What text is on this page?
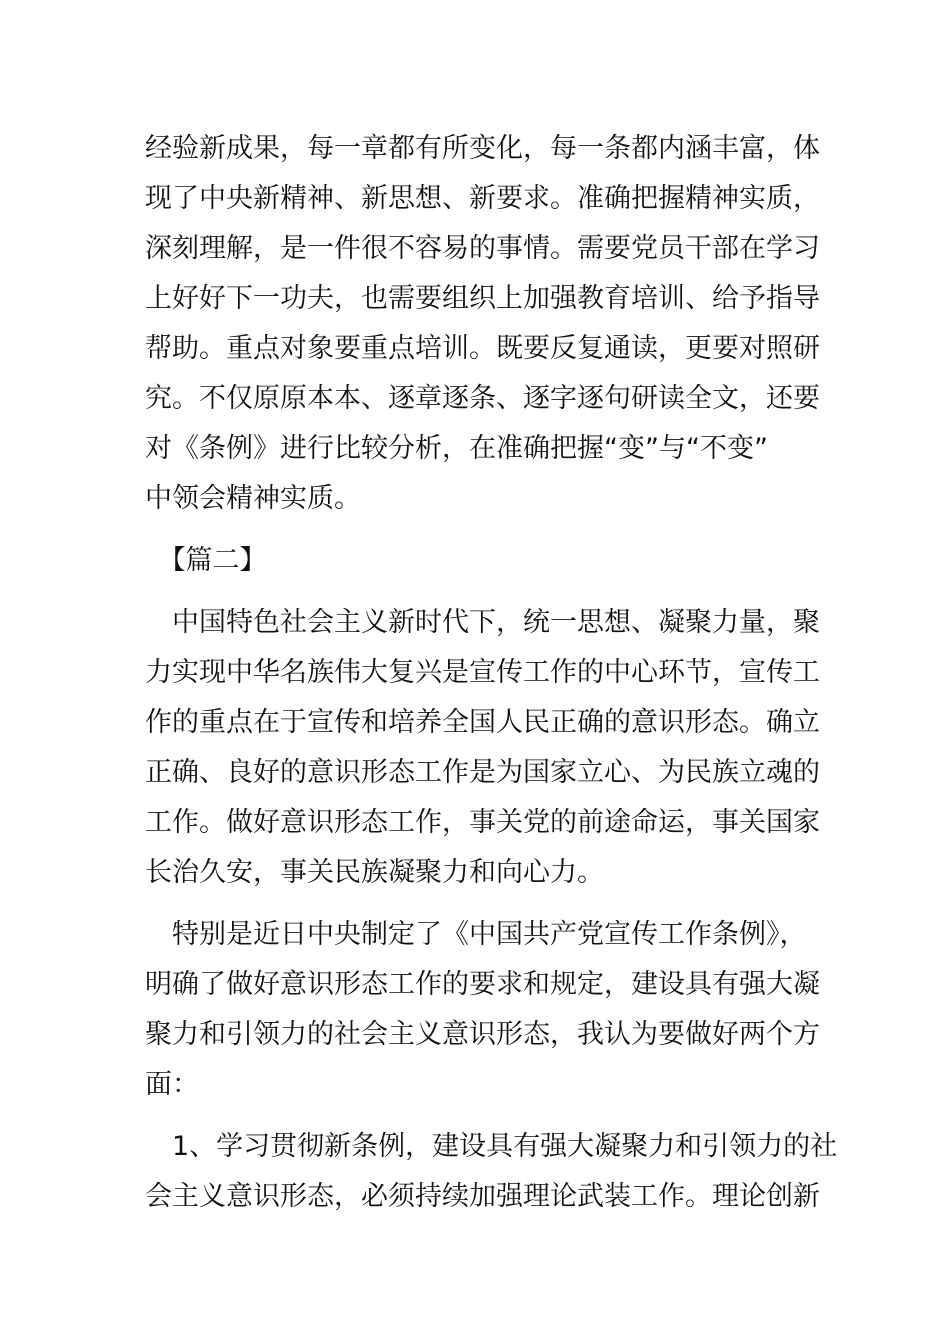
经验新成果，每一章都有所变化，每一条都内涵丰富，体
现了中央新精神、新思想、新要求。准确把握精神实质，
深刻理解，是一件很不容易的事情。需要党员干部在学习
上好好下一功夫，也需要组织上加强教育培训、给予指导
帮助。重点对象要重点培训。既要反复通读，更要对照研
究。不仅原原本本、逐章逐条、逐字逐句研读全文，还要
对《条例》进行比较分析，在准确把握“变”与“不变”
中领会精神实质。

　【篇二】

　中国特色社会主义新时代下，统一思想、凝聚力量，聚
力实现中华名族伟大复兴是宣传工作的中心环节，宣传工
作的重点在于宣传和培养全国人民正确的意识形态。确立
正确、良好的意识形态工作是为国家立心、为民族立魂的
工作。做好意识形态工作，事关党的前途命运，事关国家
长治久安，事关民族凝聚力和向心力。

　特别是近日中央制定了《中国共产党宣传工作条例》，
明确了做好意识形态工作的要求和规定，建设具有强大凝
聚力和引领力的社会主义意识形态，我认为要做好两个方
面：

　1、学习贯彻新条例，建设具有强大凝聚力和引领力的社
会主义意识形态，必须持续加强理论武装工作。理论创新
